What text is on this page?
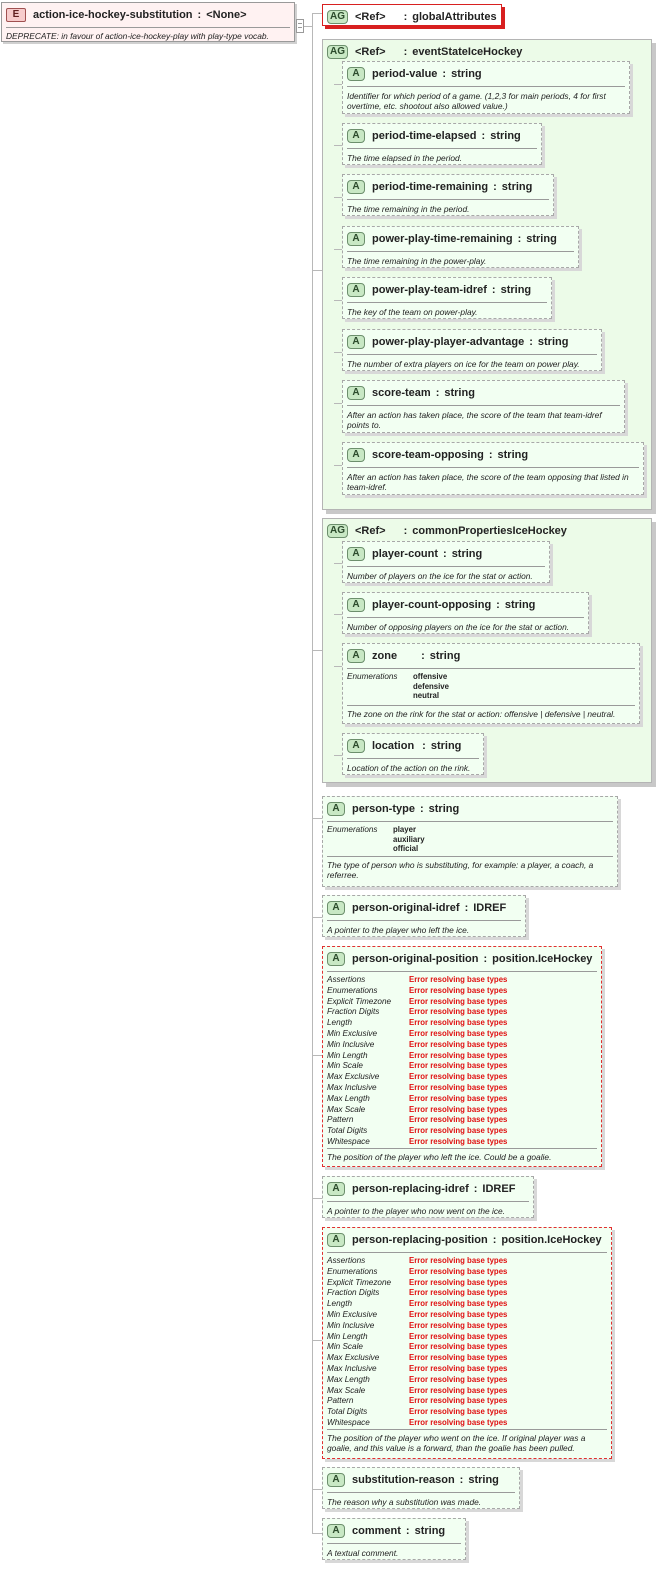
E	action-ice-hockey-substitution : <None>
DEPRECATE: in favour of action-ice-hockey-play with play-type vocab.
AG <Ref> : globalAttributes
AG <Ref> : eventStateIceHockey
A	period-value : string
Identifier for which period of a game. (1,2,3 for main periods, 4 for first overtime, etc. shootout also allowed value.)
A	period-time-elapsed : string
The time elapsed in the period.
A	period-time-remaining : string
The time remaining in the period.
A	power-play-time-remaining : string
The time remaining in the power-play.
A	power-play-team-idref : string
The key of the team on power-play.
A	power-play-player-advantage : string
The number of extra players on ice for the team on power play.
A	score-team : string
After an action has taken place, the score of the team that team-idref points to.
A	score-team-opposing : string
After an action has taken place, the score of the team opposing that listed in team-idref.
AG <Ref> : commonPropertiesIceHockey
A	player-count : string
Number of players on the ice for the stat or action.
A	player-count-opposing : string
Number of opposing players on the ice for the stat or action.
A	zone : string
Enumerations	offensive
defensive
neutral
The zone on the rink for the stat or action: offensive | defensive | neutral.
A	location : string
Location of the action on the rink.
A	person-type : string
Enumerations	player
auxiliary
official
The type of person who is substituting, for example: a player, a coach, a referree.
A	person-original-idref : IDREF
A pointer to the player who left the ice.
A	person-original-position : position.IceHockey
Assertions	Error resolving base types
Enumerations	Error resolving base types
Explicit Timezone	Error resolving base types
Fraction Digits	Error resolving base types
Length	Error resolving base types
Min Exclusive	Error resolving base types
Min Inclusive	Error resolving base types
Min Length	Error resolving base types
Min Scale	Error resolving base types
Max Exclusive	Error resolving base types
Max Inclusive	Error resolving base types
Max Length	Error resolving base types
Max Scale	Error resolving base types
Pattern	Error resolving base types
Total Digits	Error resolving base types
Whitespace	Error resolving base types
The position of the player who left the ice. Could be a goalie.
A	person-replacing-idref : IDREF
A pointer to the player who now went on the ice.
A	person-replacing-position : position.IceHockey
Assertions	Error resolving base types
Enumerations	Error resolving base types
Explicit Timezone	Error resolving base types
Fraction Digits	Error resolving base types
Length	Error resolving base types
Min Exclusive	Error resolving base types
Min Inclusive	Error resolving base types
Min Length	Error resolving base types
Min Scale	Error resolving base types
Max Exclusive	Error resolving base types
Max Inclusive	Error resolving base types
Max Length	Error resolving base types
Max Scale	Error resolving base types
Pattern	Error resolving base types
Total Digits	Error resolving base types
Whitespace	Error resolving base types
The position of the player who went on the ice. If original player was a goalie, and this value is a forward, than the goalie has been pulled.
A	substitution-reason : string
The reason why a substitution was made.
A	comment : string
A textual comment.
